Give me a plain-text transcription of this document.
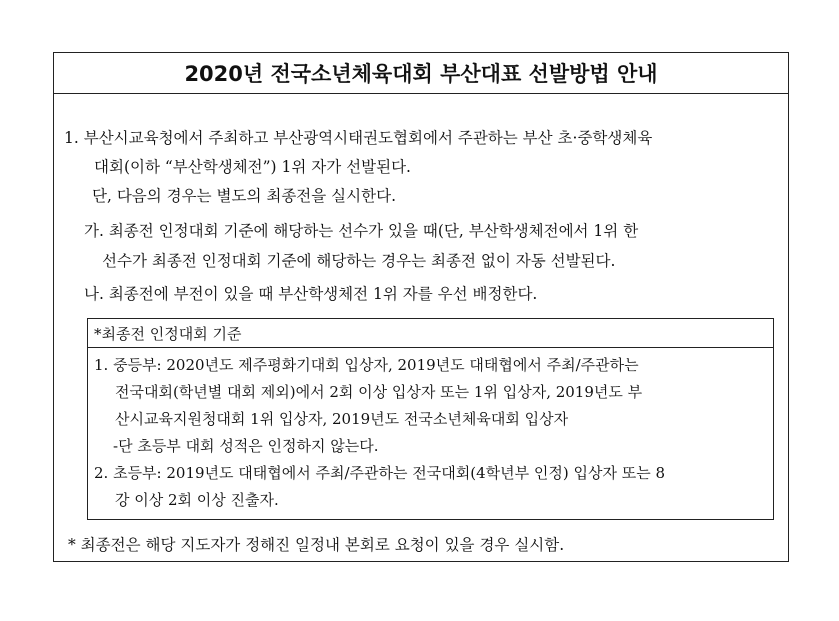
2020년 전국소년체육대회 부산대표 선발방법 안내
1. 부산시교육청에서 주최하고 부산광역시태권도협회에서 주관하는 부산 초·중학생체육
대회(이하 “부산학생체전”) 1위 자가 선발된다.
단, 다음의 경우는 별도의 최종전을 실시한다.
가. 최종전 인정대회 기준에 해당하는 선수가 있을 때(단, 부산학생체전에서 1위 한
선수가 최종전 인정대회 기준에 해당하는 경우는 최종전 없이 자동 선발된다.
나. 최종전에 부전이 있을 때 부산학생체전 1위 자를 우선 배정한다.
*최종전 인정대회 기준
1. 중등부: 2020년도 제주평화기대회 입상자, 2019년도 대태협에서 주최/주관하는
전국대회(학년별 대회 제외)에서 2회 이상 입상자 또는 1위 입상자, 2019년도 부
산시교육지원청대회 1위 입상자, 2019년도 전국소년체육대회 입상자
-단 초등부 대회 성적은 인정하지 않는다.
2. 초등부: 2019년도 대태협에서 주최/주관하는 전국대회(4학년부 인정) 입상자 또는 8
강 이상 2회 이상 진출자.
* 최종전은 해당 지도자가 정해진 일정내 본회로 요청이 있을 경우 실시함.
